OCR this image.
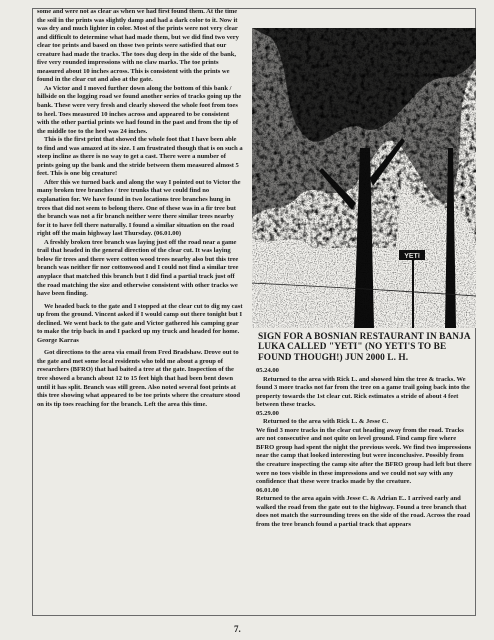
some and were not as clear as when we had first found them. At the time the soil in the prints was slightly damp and had a dark color to it. Now it was dry and much lighter in color. Most of the prints were not very clear and difficult to determine what had made them, but we did find two very clear toe prints and based on those two prints were satisfied that our creature had made the tracks. The toes dug deep in the side of the bank, five very rounded impressions with no claw marks. The toe prints measured about 10 inches across. This is consistent with the prints we found in the clear cut and also at the gate.

As Victor and I moved further down along the bottom of this bank / hillside on the logging road we found another series of tracks going up the bank. These were very fresh and clearly showed the whole foot from toes to heel. Toes measured 10 inches across and appeared to be consistent with the other partial prints we had found in the past and from the tip of the middle toe to the heel was 24 inches.

This is the first print that showed the whole foot that I have been able to find and was amazed at its size. I am frustrated though that is on such a steep incline as there is no way to get a cast. There were a number of prints going up the bank and the stride between them measured almost 5 feet. This is one big creature!

After this we turned back and along the way I pointed out to Victor the many broken tree branches / tree trunks that we could find no explanation for. We have found in two locations tree branches hung in trees that did not seem to belong there. One of these was in a fir tree but the branch was not a fir branch neither were there similar trees nearby for it to have fell there naturally. I found a similar situation on the road right off the main highway last Thursday. (06.01.00)

A freshly broken tree branch was laying just off the road near a game trail that headed in the general direction of the clear cut. It was laying below fir trees and there were cotton wood trees nearby also but this tree branch was neither fir nor cottonwood and I could not find a similar tree anyplace that matched this branch but I did find a partial track just off the road matching the size and otherwise consistent with other tracks we have been finding.

We headed back to the gate and I stopped at the clear cut to dig my cast up from the ground. Vincent asked if I would camp out there tonight but I declined. We went back to the gate and Victor gathered his camping gear to make the trip back in and I packed up my truck and headed for home.

George Karras

Got directions to the area via email from Fred Bradshaw. Drove out to the gate and met some local residents who told me about a group of researchers (BFRO) that had baited a tree at the gate. Inspection of the tree showed a branch about 12 to 15 feet high that had been bent down until it has split. Branch was still green. Also noted several foot prints at this tree showing what appeared to be toe prints where the creature stood on its tip toes reaching for the branch. Left the area this time.

SIGN FOR A BOSNIAN RESTAURANT IN BANJA LUKA CALLED "YETI" (NO YETI'S TO BE FOUND THOUGH!) JUN 2000 L. H.

05.24.00

Returned to the area with Rick L. and showed him the tree & tracks. We found 3 more tracks not far from the tree on a game trail going back into the property towards the 1st clear cut. Rick estimates a stride of about 4 feet between these tracks.

05.29.00

Returned to the area with Rick L. & Jesse C.

We find 3 more tracks in the clear cut heading away from the road. Tracks are not consecutive and not quite on level ground. Find camp fire where BFRO group had spent the night the previous week. We find two impressions near the camp that looked interesting but were inconclusive. Possibly from the creature inspecting the camp site after the BFRO group had left but there were no toes visible in these impressions and we could not say with any confidence that these were tracks made by the creature.

06.01.00

Returned to the area again with Jesse C. & Adrian E.. I arrived early and walked the road from the gate out to the highway. Found a tree branch that does not match the surrounding trees on the side of the road. Across the road from the tree branch found a partial track that appears

7.
